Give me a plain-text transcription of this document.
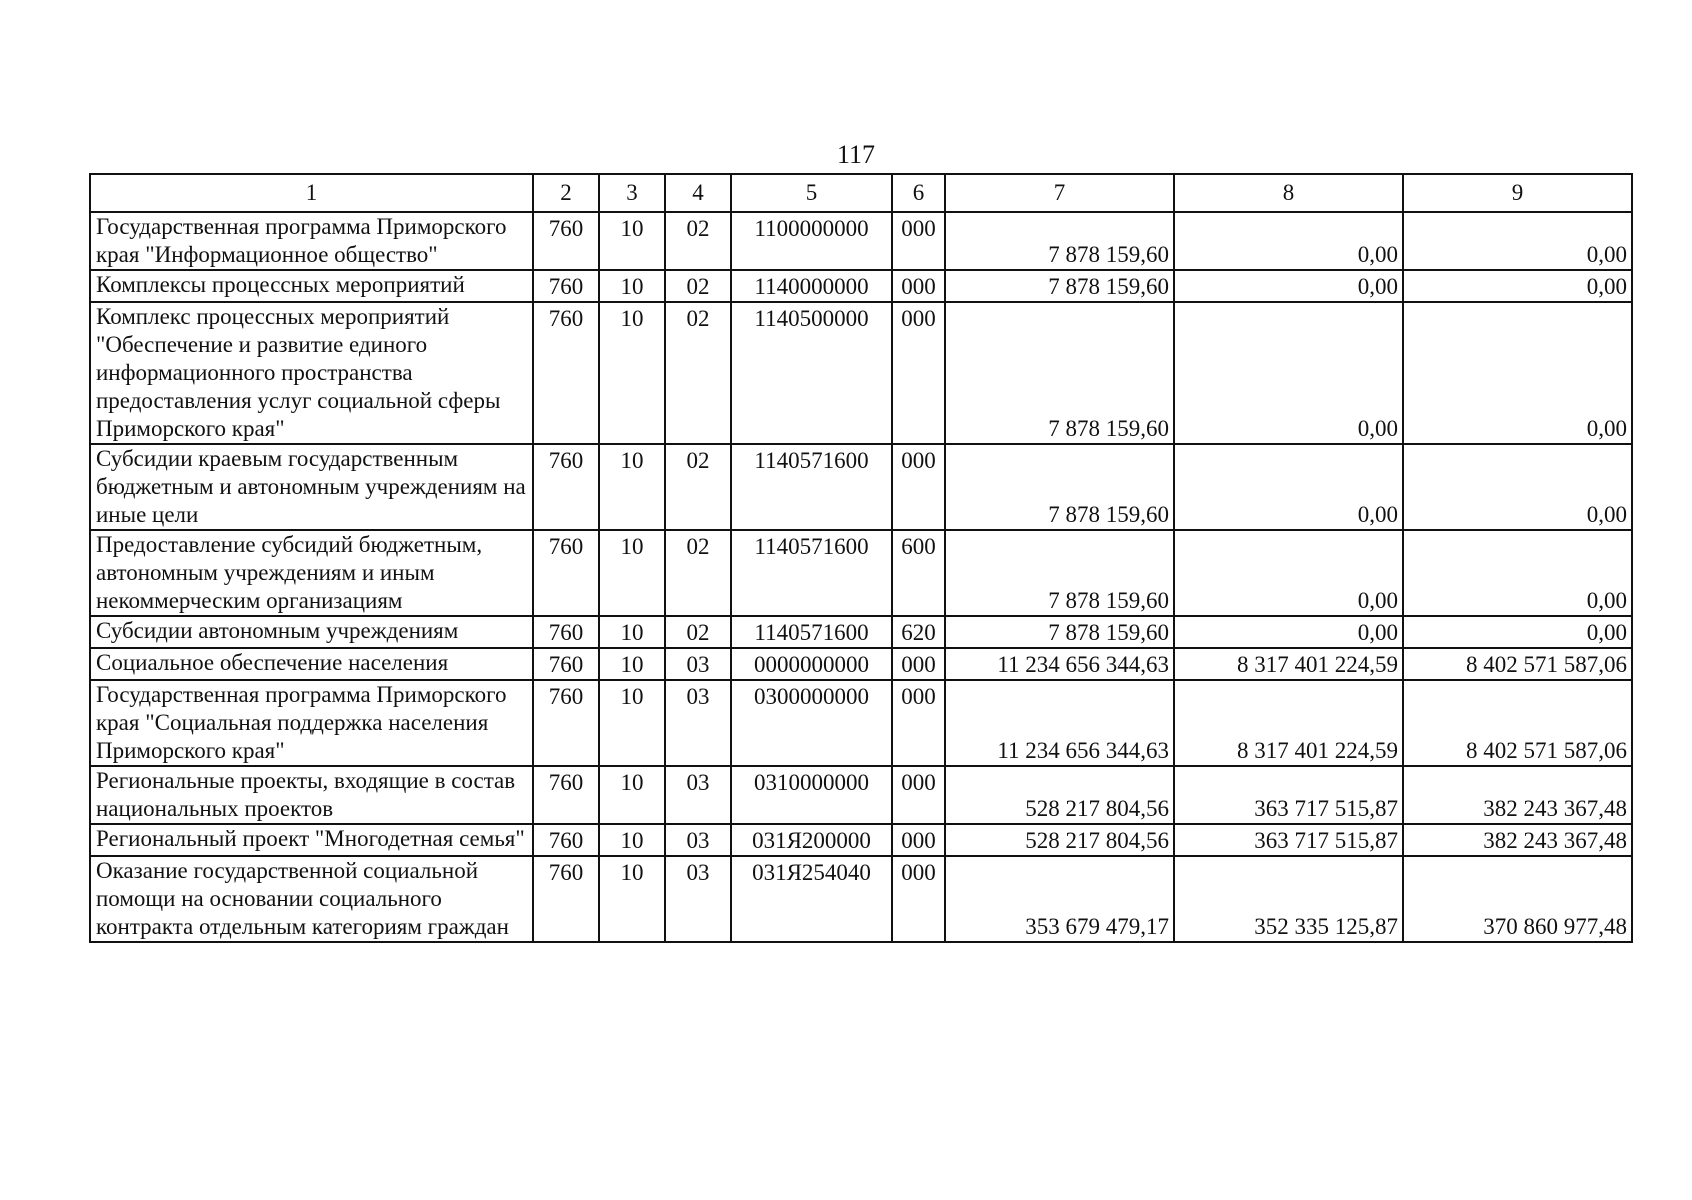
117
1	2	3	4	5	6	7	8	9
Государственная программа Приморского края "Информационное общество"	760	10	02	1100000000	000	7 878 159,60	0,00	0,00
Комплексы процессных мероприятий	760	10	02	1140000000	000	7 878 159,60	0,00	0,00
Комплекс процессных мероприятий "Обеспечение и развитие единого информационного пространства предоставления услуг социальной сферы Приморского края"	760	10	02	1140500000	000	7 878 159,60	0,00	0,00
Субсидии краевым государственным бюджетным и автономным учреждениям на иные цели	760	10	02	1140571600	000	7 878 159,60	0,00	0,00
Предоставление субсидий бюджетным, автономным учреждениям и иным некоммерческим организациям	760	10	02	1140571600	600	7 878 159,60	0,00	0,00
Субсидии автономным учреждениям	760	10	02	1140571600	620	7 878 159,60	0,00	0,00
Социальное обеспечение населения	760	10	03	0000000000	000	11 234 656 344,63	8 317 401 224,59	8 402 571 587,06
Государственная программа Приморского края "Социальная поддержка населения Приморского края"	760	10	03	0300000000	000	11 234 656 344,63	8 317 401 224,59	8 402 571 587,06
Региональные проекты, входящие в состав национальных проектов	760	10	03	0310000000	000	528 217 804,56	363 717 515,87	382 243 367,48
Региональный проект "Многодетная семья"	760	10	03	031Я200000	000	528 217 804,56	363 717 515,87	382 243 367,48
Оказание государственной социальной помощи на основании социального контракта отдельным категориям граждан	760	10	03	031Я254040	000	353 679 479,17	352 335 125,87	370 860 977,48
